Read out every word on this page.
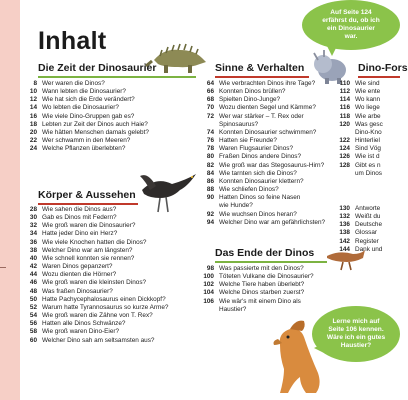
Inhalt
Auf Seite 124
erfährst du, ob ich
ein Dinosaurier
war.
Lerne mich auf
Seite 106 kennen.
Wäre ich ein gutes
Haustier?
Die Zeit der Dinosaurier
8 Wer waren die Dinos?
10 Wann lebten die Dinosaurier?
12 Wie hat sich die Erde verändert?
14 Wo lebten die Dinosaurier?
16 Wie viele Dino-Gruppen gab es?
18 Lebten zur Zeit der Dinos auch Haie?
20 Wie hätten Menschen damals gelebt?
22 Wer schwamm in den Meeren?
24 Welche Pflanzen überlebten?
Körper & Aussehen
28 Wie sahen die Dinos aus?
30 Gab es Dinos mit Federn?
32 Wie groß waren die Dinosaurier?
34 Hatte jeder Dino ein Herz?
36 Wie viele Knochen hatten die Dinos?
38 Welcher Dino war am längsten?
40 Wie schnell konnten sie rennen?
42 Waren Dinos gepanzert?
44 Wozu dienten die Hörner?
46 Wie groß waren die kleinsten Dinos?
48 Was fraßen Dinosaurier?
50 Hatte Pachycephalosaurus einen Dickkopf?
52 Warum hatte Tyrannosaurus so kurze Arme?
54 Wie groß waren die Zähne von T. Rex?
56 Hatten alle Dinos Schwänze?
58 Wie groß waren Dino-Eier?
60 Welcher Dino sah am seltsamsten aus?
Sinne & Verhalten
64 Wie verbrachten Dinos ihre Tage?
66 Konnten Dinos brüllen?
68 Spielten Dino-Junge?
70 Wozu dienten Segel und Kämme?
72 Wer war stärker – T. Rex oder
Spinosaurus?
74 Konnten Dinosaurier schwimmen?
76 Hatten sie Freunde?
78 Waren Flugsaurier Dinos?
80 Fraßen Dinos andere Dinos?
82 Wie groß war das Stegosaurus-Hirn?
84 Wie tarnten sich die Dinos?
86 Konnten Dinosaurier klettern?
88 Wie schliefen Dinos?
90 Hatten Dinos so feine Nasen
wie Hunde?
92 Wie wuchsen Dinos heran?
94 Welcher Dino war am gefährlichsten?
Das Ende der Dinos
98 Was passierte mit den Dinos?
100 Töteten Vulkane die Dinosaurier?
102 Welche Tiere haben überlebt?
104 Welche Dinos starben zuerst?
106 Wie wär's mit einem Dino als
Haustier?
Dino-Fors
110 Wie sind
112 Wie ente
114 Wo kann
116 Wo liege
118 Wie arbe
120 Was gesc
Dino-Kno
122 Hinterliel
124 Sind Vög
126 Wie ist d
128 Gibt es n
um Dinos
130 Antworte
132 Weißt du
136 Deutsche
138 Glossar
142 Register
144 Dank und
